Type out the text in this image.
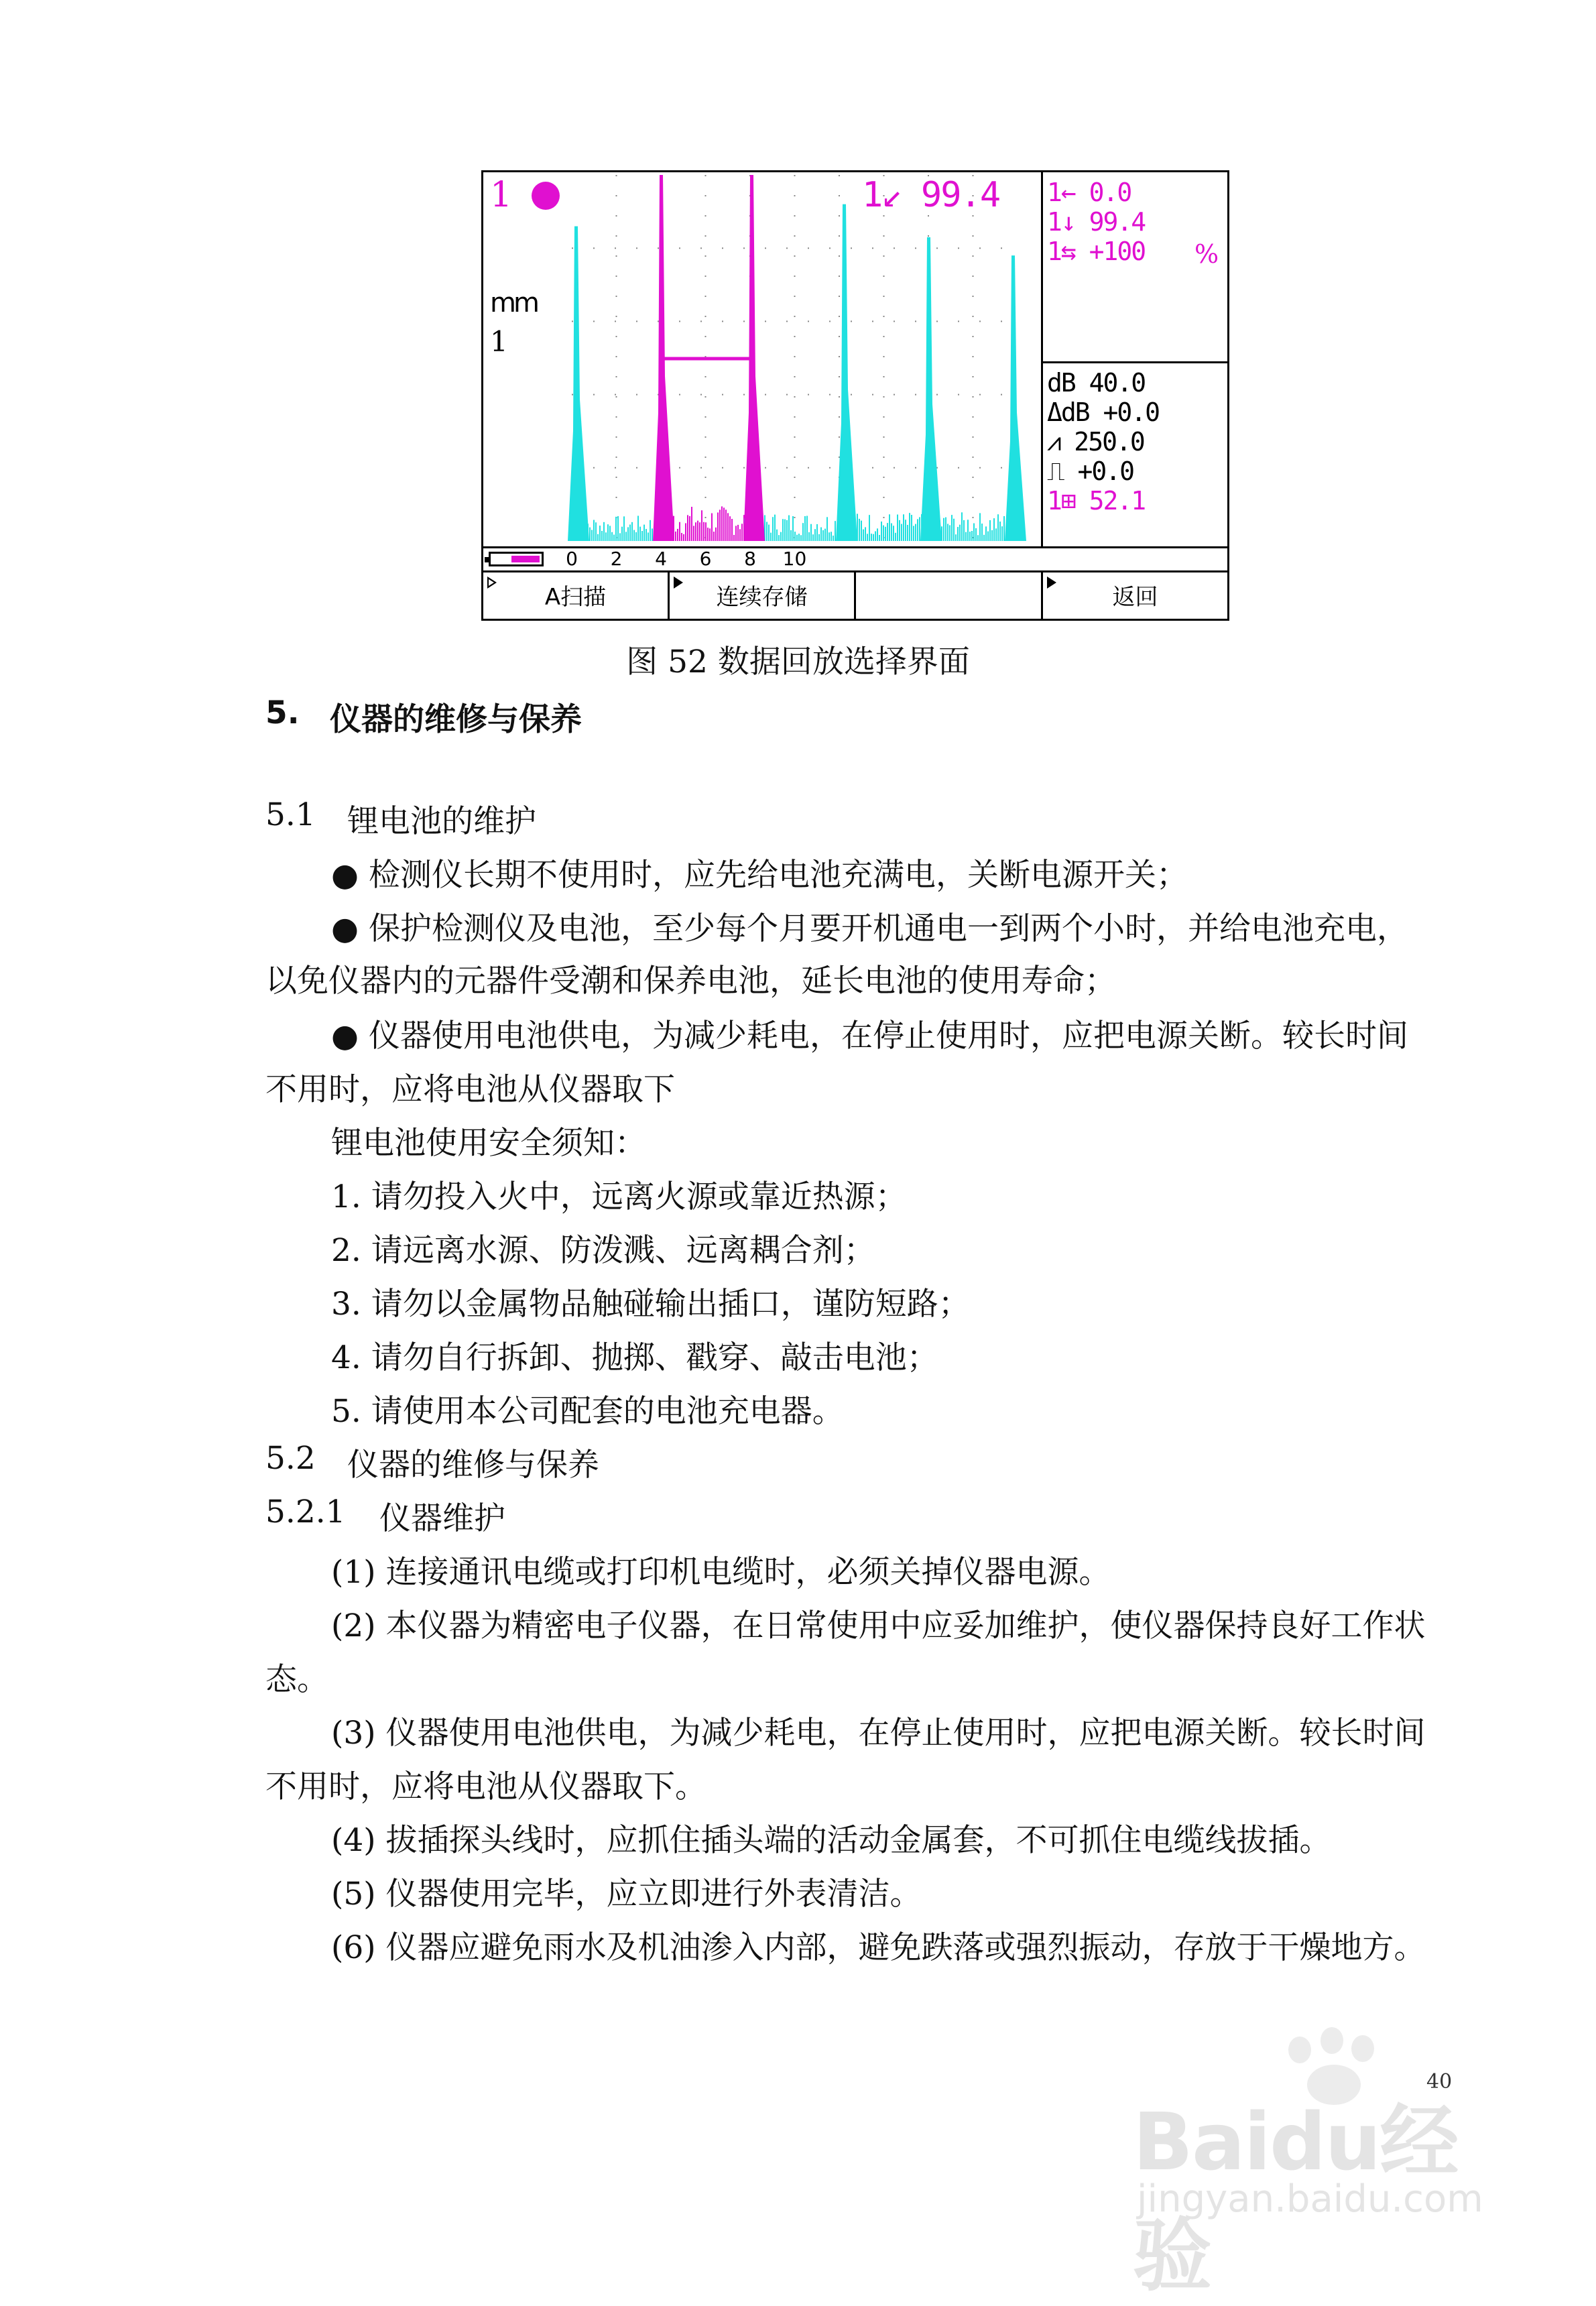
1	1↙ 99.4
mm
1
1← 0.0
1↓ 99.4
1⇆ +100 %
dB 40.0
ΔdB +0.0
⩘ 250.0
⎍ +0.0
1⊞ 52.1
0 2 4 6 8 10
A扫描	连续存储	返回
图 52 数据回放选择界面
5. 仪器的维修与保养
5.1 锂电池的维护
● 检测仪长期不使用时，应先给电池充满电，关断电源开关；
● 保护检测仪及电池，至少每个月要开机通电一到两个小时，并给电池充电，
以免仪器内的元器件受潮和保养电池，延长电池的使用寿命；
● 仪器使用电池供电，为减少耗电，在停止使用时，应把电源关断。较长时间
不用时，应将电池从仪器取下
锂电池使用安全须知：
1. 请勿投入火中，远离火源或靠近热源；
2. 请远离水源、防泼溅、远离耦合剂；
3. 请勿以金属物品触碰输出插口，谨防短路；
4. 请勿自行拆卸、抛掷、戳穿、敲击电池；
5. 请使用本公司配套的电池充电器。
5.2 仪器的维修与保养
5.2.1 仪器维护
(1) 连接通讯电缆或打印机电缆时，必须关掉仪器电源。
(2) 本仪器为精密电子仪器，在日常使用中应妥加维护，使仪器保持良好工作状
态。
(3) 仪器使用电池供电，为减少耗电，在停止使用时，应把电源关断。较长时间
不用时，应将电池从仪器取下。
(4) 拔插探头线时，应抓住插头端的活动金属套，不可抓住电缆线拔插。
(5) 仪器使用完毕，应立即进行外表清洁。
(6) 仪器应避免雨水及机油渗入内部，避免跌落或强烈振动，存放于干燥地方。
40
Baidu经验
jingyan.baidu.com
